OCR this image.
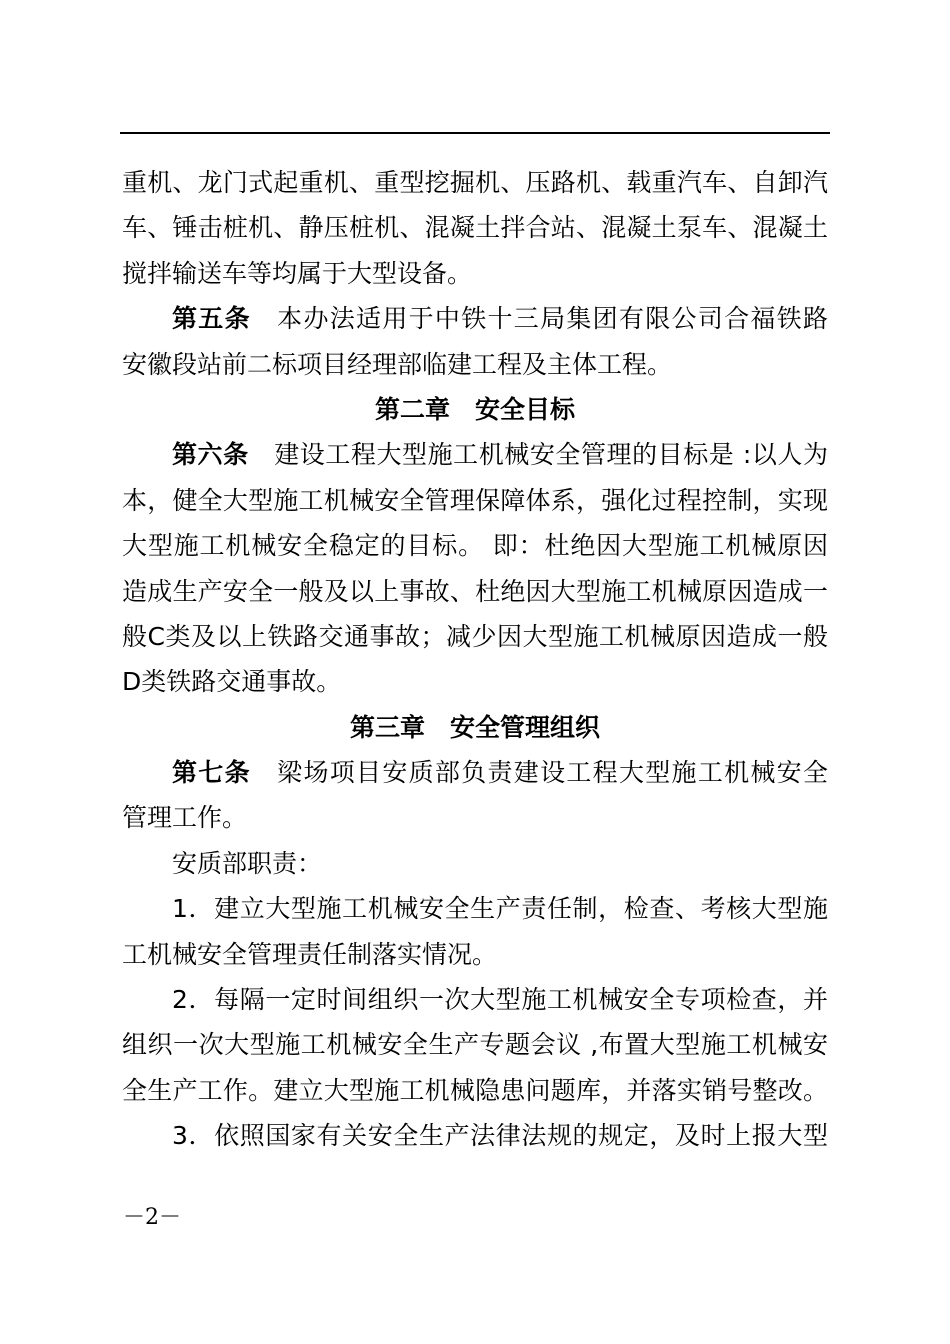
重机、龙门式起重机、重型挖掘机、压路机、载重汽车、自卸汽
车、锤击桩机、静压桩机、混凝土拌合站、混凝土泵车、混凝土
搅拌输送车等均属于大型设备。
第五条　本办法适用于中铁十三局集团有限公司合福铁路
安徽段站前二标项目经理部临建工程及主体工程。
第二章　安全目标
第六条　建设工程大型施工机械安全管理的目标是 :以人为
本，健全大型施工机械安全管理保障体系，强化过程控制，实现
大型施工机械安全稳定的目标。 即：杜绝因大型施工机械原因
造成生产安全一般及以上事故、杜绝因大型施工机械原因造成一
般C类及以上铁路交通事故；减少因大型施工机械原因造成一般
D类铁路交通事故。
第三章　安全管理组织
第七条　梁场项目安质部负责建设工程大型施工机械安全
管理工作。
安质部职责：
1．建立大型施工机械安全生产责任制，检查、考核大型施
工机械安全管理责任制落实情况。
2．每隔一定时间组织一次大型施工机械安全专项检查，并
组织一次大型施工机械安全生产专题会议 ,布置大型施工机械安
全生产工作。建立大型施工机械隐患问题库，并落实销号整改。
3．依照国家有关安全生产法律法规的规定，及时上报大型
－2－
